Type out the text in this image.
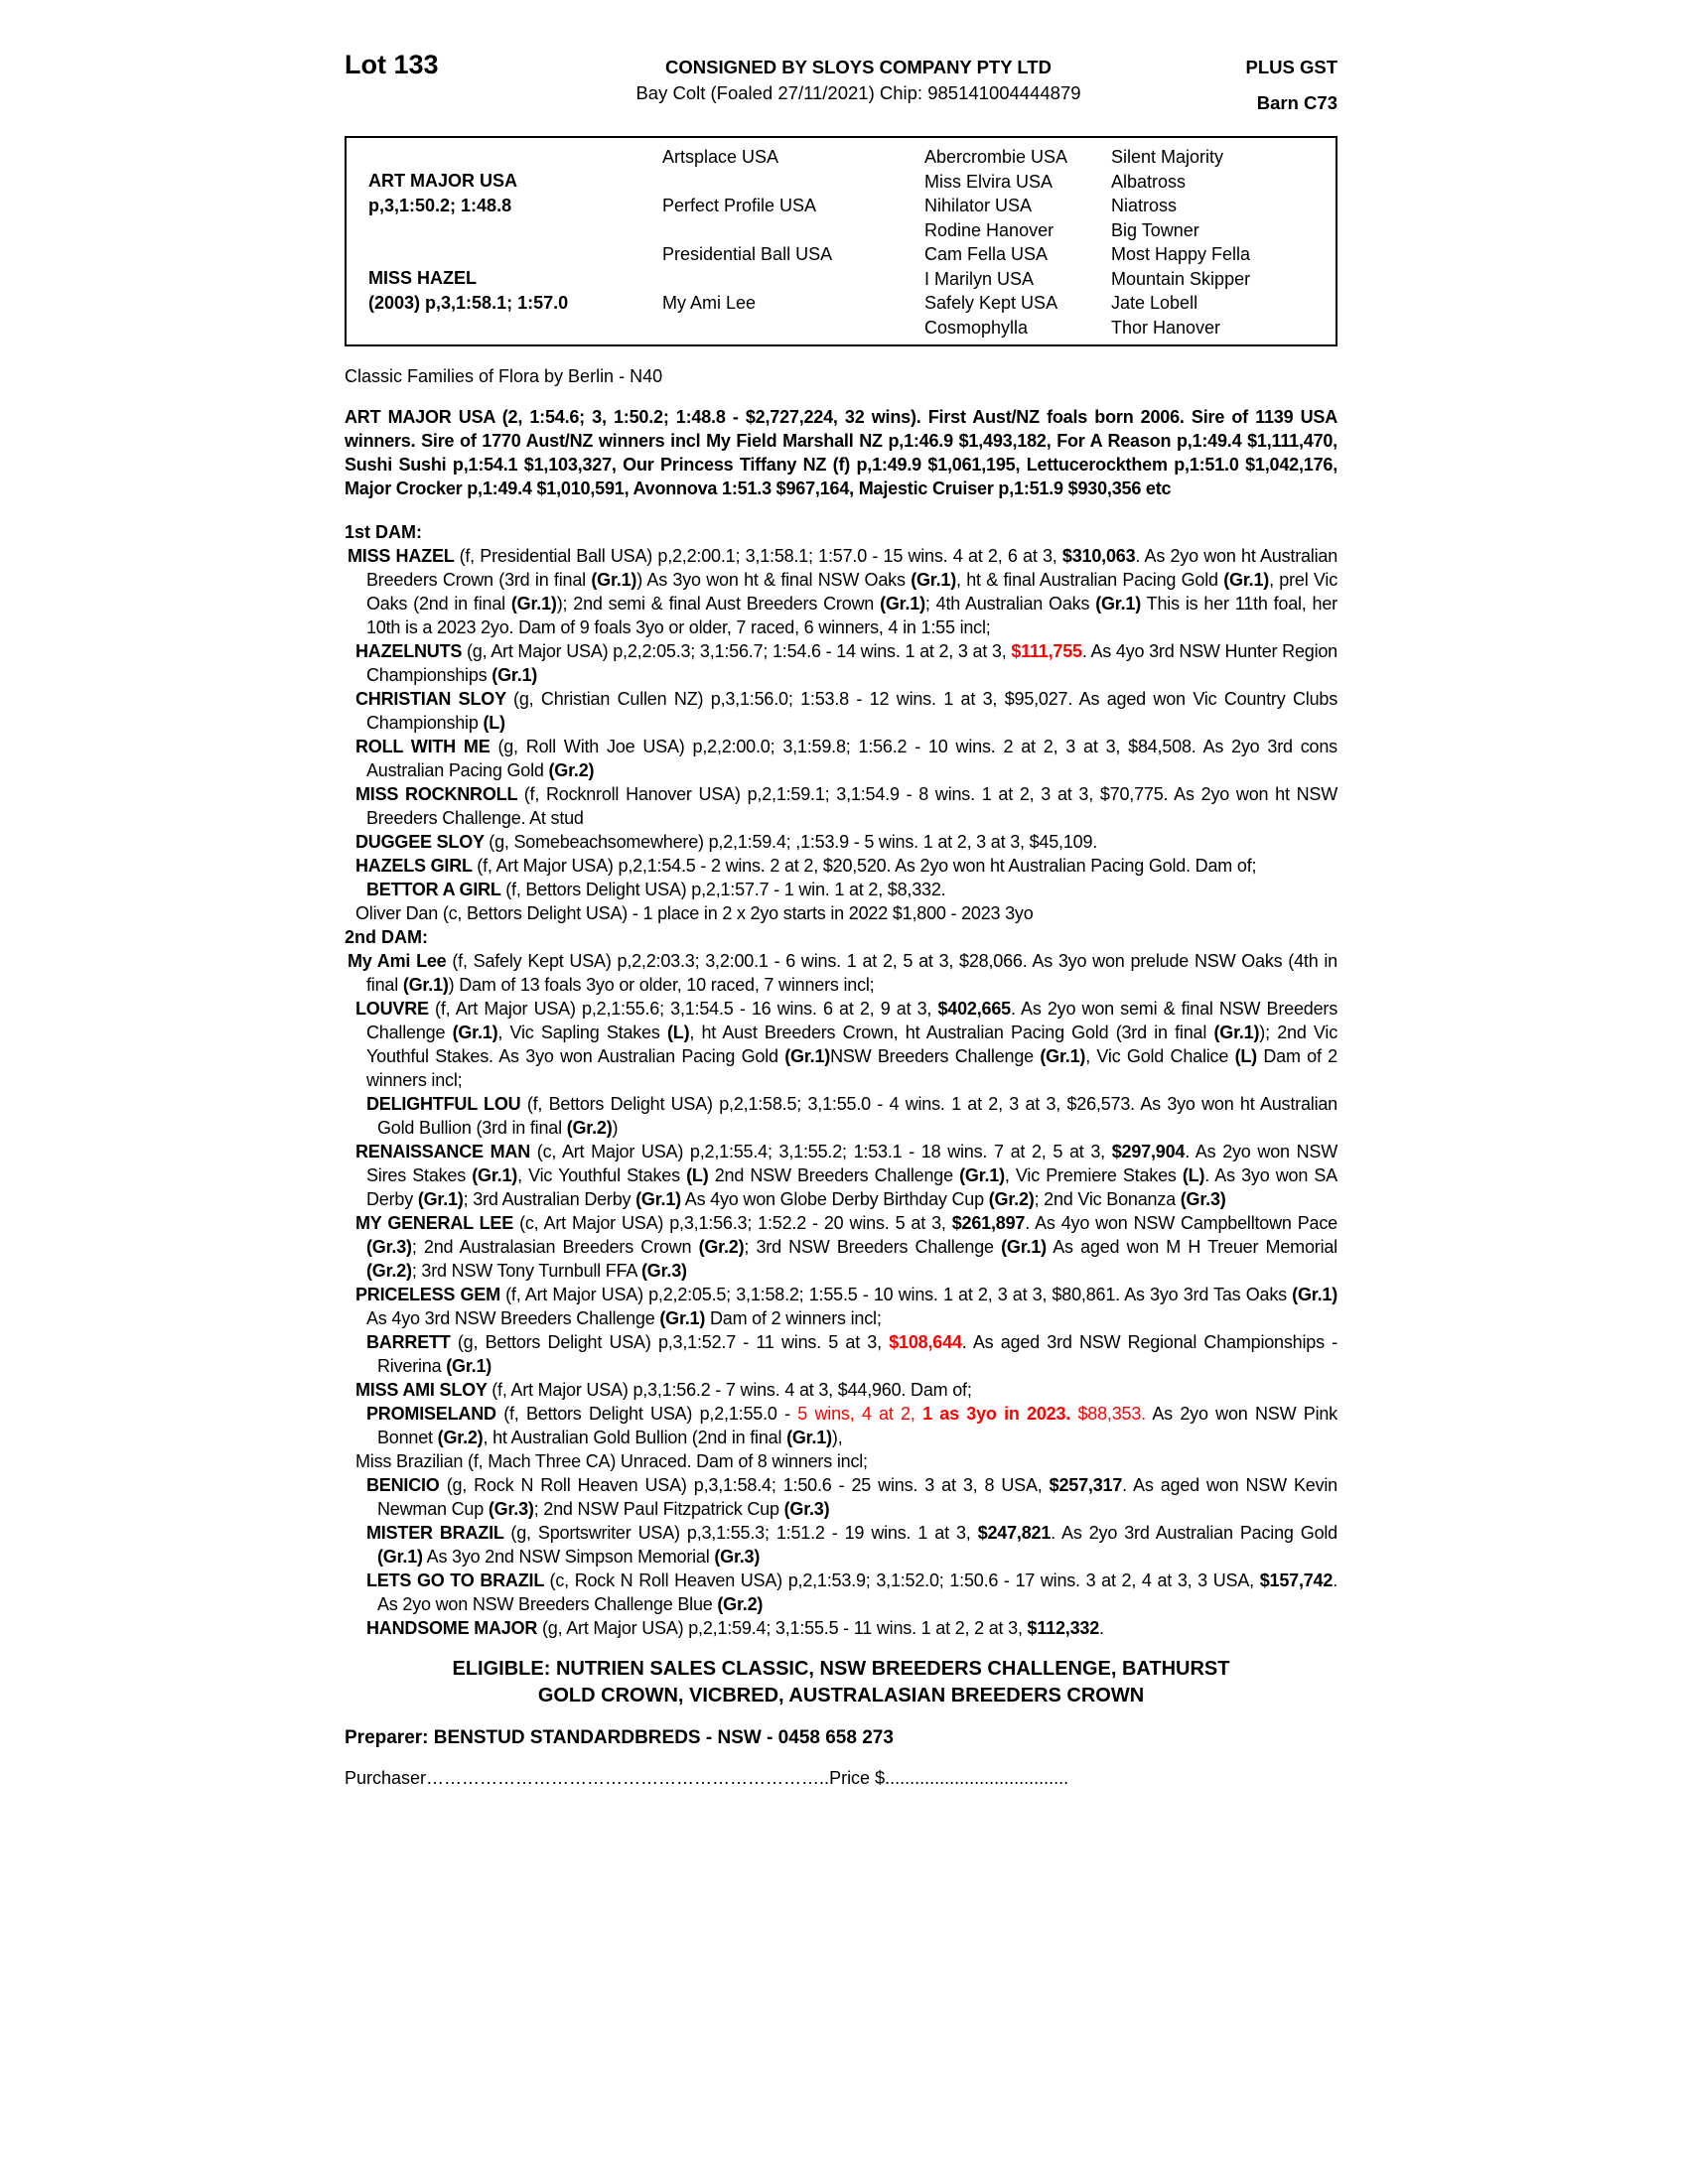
Lot 133	CONSIGNED BY SLOYS COMPANY PTY LTD
Bay Colt (Foaled 27/11/2021) Chip: 985141004444879
PLUS GST
Barn C73
ART MAJOR USA
p,3,1:50.2; 1:48.8
MISS HAZEL
(2003) p,3,1:58.1; 1:57.0
Artsplace USA
Perfect Profile USA
Presidential Ball USA
My Ami Lee
Abercrombie USA
Miss Elvira USA
Nihilator USA
Rodine Hanover
Cam Fella USA
I Marilyn USA
Safely Kept USA
Cosmophylla
Silent Majority
Albatross
Niatross
Big Towner
Most Happy Fella
Mountain Skipper
Jate Lobell
Thor Hanover

Classic Families of Flora by Berlin - N40

ART MAJOR USA (2, 1:54.6; 3, 1:50.2; 1:48.8 - $2,727,224, 32 wins). First Aust/NZ foals born 2006. Sire of 1139 USA winners. Sire of 1770 Aust/NZ winners incl My Field Marshall NZ p,1:46.9 $1,493,182, For A Reason p,1:49.4 $1,111,470, Sushi Sushi p,1:54.1 $1,103,327, Our Princess Tiffany NZ (f) p,1:49.9 $1,061,195, Lettucerockthem p,1:51.0 $1,042,176, Major Crocker p,1:49.4 $1,010,591, Avonnova 1:51.3 $967,164, Majestic Cruiser p,1:51.9 $930,356 etc

1st DAM:

MISS HAZEL (f, Presidential Ball USA) p,2,2:00.1; 3,1:58.1; 1:57.0 - 15 wins. 4 at 2, 6 at 3, $310,063. As 2yo won ht Australian Breeders Crown (3rd in final (Gr.1)) As 3yo won ht & final NSW Oaks (Gr.1), ht & final Australian Pacing Gold (Gr.1), prel Vic Oaks (2nd in final (Gr.1)); 2nd semi & final Aust Breeders Crown (Gr.1); 4th Australian Oaks (Gr.1) This is her 11th foal, her 10th is a 2023 2yo. Dam of 9 foals 3yo or older, 7 raced, 6 winners, 4 in 1:55 incl;

HAZELNUTS (g, Art Major USA) p,2,2:05.3; 3,1:56.7; 1:54.6 - 14 wins. 1 at 2, 3 at 3, $111,755. As 4yo 3rd NSW Hunter Region Championships (Gr.1)

CHRISTIAN SLOY (g, Christian Cullen NZ) p,3,1:56.0; 1:53.8 - 12 wins. 1 at 3, $95,027. As aged won Vic Country Clubs Championship (L)

ROLL WITH ME (g, Roll With Joe USA) p,2,2:00.0; 3,1:59.8; 1:56.2 - 10 wins. 2 at 2, 3 at 3, $84,508. As 2yo 3rd cons Australian Pacing Gold (Gr.2)

MISS ROCKNROLL (f, Rocknroll Hanover USA) p,2,1:59.1; 3,1:54.9 - 8 wins. 1 at 2, 3 at 3, $70,775. As 2yo won ht NSW Breeders Challenge. At stud

DUGGEE SLOY (g, Somebeachsomewhere) p,2,1:59.4; ,1:53.9 - 5 wins. 1 at 2, 3 at 3, $45,109.

HAZELS GIRL (f, Art Major USA) p,2,1:54.5 - 2 wins. 2 at 2, $20,520. As 2yo won ht Australian Pacing Gold. Dam of;

BETTOR A GIRL (f, Bettors Delight USA) p,2,1:57.7 - 1 win. 1 at 2, $8,332.

Oliver Dan (c, Bettors Delight USA) - 1 place in 2 x 2yo starts in 2022 $1,800 - 2023 3yo

2nd DAM:

My Ami Lee (f, Safely Kept USA) p,2,2:03.3; 3,2:00.1 - 6 wins. 1 at 2, 5 at 3, $28,066. As 3yo won prelude NSW Oaks (4th in final (Gr.1)) Dam of 13 foals 3yo or older, 10 raced, 7 winners incl;

LOUVRE (f, Art Major USA) p,2,1:55.6; 3,1:54.5 - 16 wins. 6 at 2, 9 at 3, $402,665. As 2yo won semi & final NSW Breeders Challenge (Gr.1), Vic Sapling Stakes (L), ht Aust Breeders Crown, ht Australian Pacing Gold (3rd in final (Gr.1)); 2nd Vic Youthful Stakes. As 3yo won Australian Pacing Gold (Gr.1)NSW Breeders Challenge (Gr.1), Vic Gold Chalice (L) Dam of 2 winners incl;

DELIGHTFUL LOU (f, Bettors Delight USA) p,2,1:58.5; 3,1:55.0 - 4 wins. 1 at 2, 3 at 3, $26,573. As 3yo won ht Australian Gold Bullion (3rd in final (Gr.2))

RENAISSANCE MAN (c, Art Major USA) p,2,1:55.4; 3,1:55.2; 1:53.1 - 18 wins. 7 at 2, 5 at 3, $297,904. As 2yo won NSW Sires Stakes (Gr.1), Vic Youthful Stakes (L) 2nd NSW Breeders Challenge (Gr.1), Vic Premiere Stakes (L). As 3yo won SA Derby (Gr.1); 3rd Australian Derby (Gr.1) As 4yo won Globe Derby Birthday Cup (Gr.2); 2nd Vic Bonanza (Gr.3)

MY GENERAL LEE (c, Art Major USA) p,3,1:56.3; 1:52.2 - 20 wins. 5 at 3, $261,897. As 4yo won NSW Campbelltown Pace (Gr.3); 2nd Australasian Breeders Crown (Gr.2); 3rd NSW Breeders Challenge (Gr.1) As aged won M H Treuer Memorial (Gr.2); 3rd NSW Tony Turnbull FFA (Gr.3)

PRICELESS GEM (f, Art Major USA) p,2,2:05.5; 3,1:58.2; 1:55.5 - 10 wins. 1 at 2, 3 at 3, $80,861. As 3yo 3rd Tas Oaks (Gr.1) As 4yo 3rd NSW Breeders Challenge (Gr.1) Dam of 2 winners incl;

BARRETT (g, Bettors Delight USA) p,3,1:52.7 - 11 wins. 5 at 3, $108,644. As aged 3rd NSW Regional Championships - Riverina (Gr.1)

MISS AMI SLOY (f, Art Major USA) p,3,1:56.2 - 7 wins. 4 at 3, $44,960. Dam of;

PROMISELAND (f, Bettors Delight USA) p,2,1:55.0 - 5 wins, 4 at 2, 1 as 3yo in 2023. $88,353. As 2yo won NSW Pink Bonnet (Gr.2), ht Australian Gold Bullion (2nd in final (Gr.1)),

Miss Brazilian (f, Mach Three CA) Unraced. Dam of 8 winners incl;

BENICIO (g, Rock N Roll Heaven USA) p,3,1:58.4; 1:50.6 - 25 wins. 3 at 3, 8 USA, $257,317. As aged won NSW Kevin Newman Cup (Gr.3); 2nd NSW Paul Fitzpatrick Cup (Gr.3)

MISTER BRAZIL (g, Sportswriter USA) p,3,1:55.3; 1:51.2 - 19 wins. 1 at 3, $247,821. As 2yo 3rd Australian Pacing Gold (Gr.1) As 3yo 2nd NSW Simpson Memorial (Gr.3)

LETS GO TO BRAZIL (c, Rock N Roll Heaven USA) p,2,1:53.9; 3,1:52.0; 1:50.6 - 17 wins. 3 at 2, 4 at 3, 3 USA, $157,742. As 2yo won NSW Breeders Challenge Blue (Gr.2)

HANDSOME MAJOR (g, Art Major USA) p,2,1:59.4; 3,1:55.5 - 11 wins. 1 at 2, 2 at 3, $112,332.

ELIGIBLE: NUTRIEN SALES CLASSIC, NSW BREEDERS CHALLENGE, BATHURST
GOLD CROWN, VICBRED, AUSTRALASIAN BREEDERS CROWN

Preparer: BENSTUD STANDARDBREDS - NSW - 0458 658 273

Purchaser…………………………………………………………..Price $.....................................
